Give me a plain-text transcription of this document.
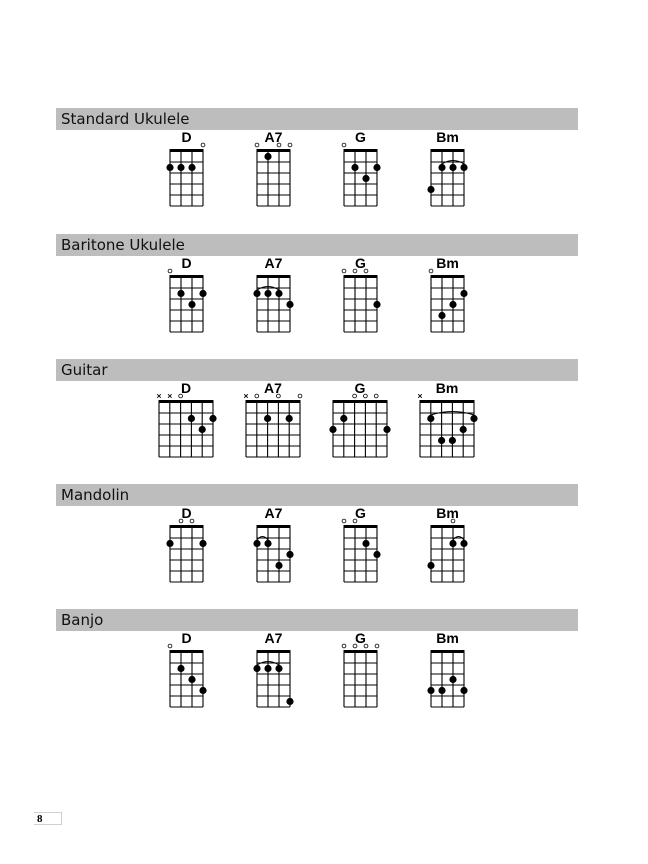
Standard Ukulele
D	A7	G	Bm
Baritone Ukulele
D	A7	G	Bm
Guitar
D	A7	G	Bm
Mandolin
D	A7	G	Bm
Banjo
D	A7	G	Bm
8
